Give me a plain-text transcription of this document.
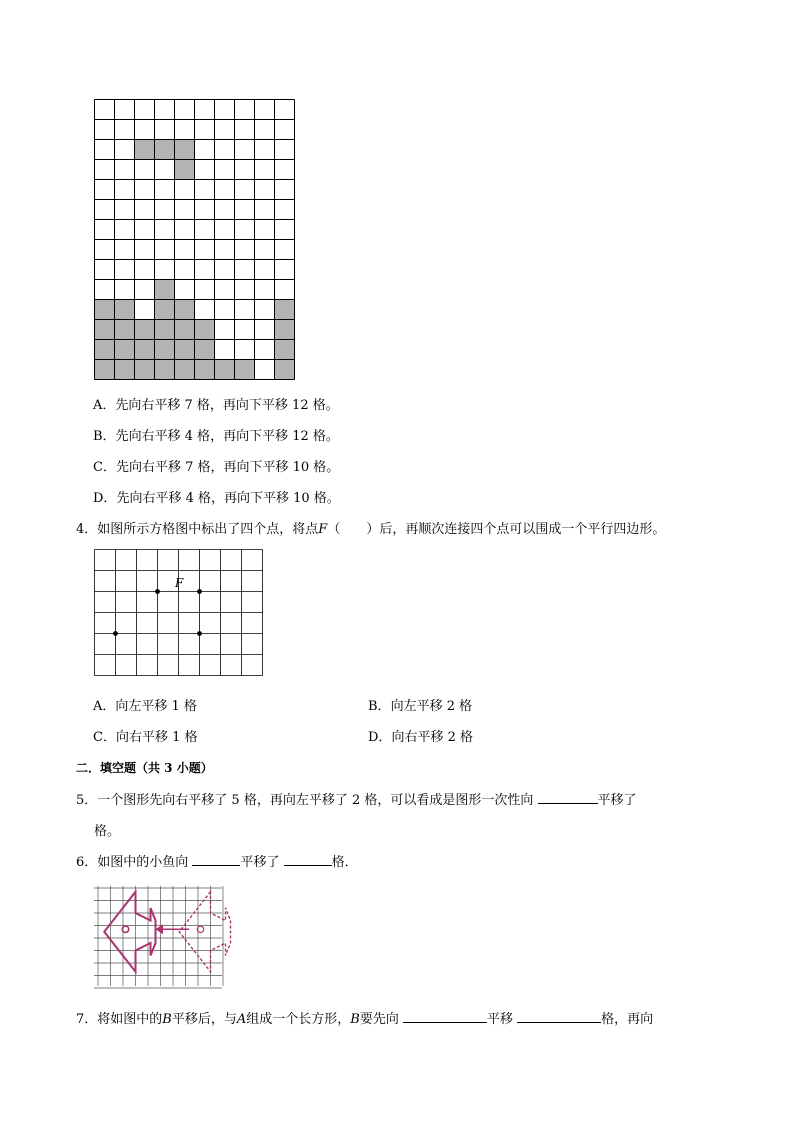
A．先向右平移 7 格，再向下平移 12 格。
B．先向右平移 4 格，再向下平移 12 格。
C．先向右平移 7 格，再向下平移 10 格。
D．先向右平移 4 格，再向下平移 10 格。
4．如图所示方格图中标出了四个点，将点F（　　）后，再顺次连接四个点可以围成一个平行四边形。
F
A．向左平移 1 格	B．向左平移 2 格
C．向右平移 1 格	D．向右平移 2 格
二．填空题（共 3 小题）
5．一个图形先向右平移了 5 格，再向左平移了 2 格，可以看成是图形一次性向	平移了
格。
6．如图中的小鱼向	平移了	格．
7．将如图中的B平移后，与A组成一个长方形，B要先向	平移	格，再向
